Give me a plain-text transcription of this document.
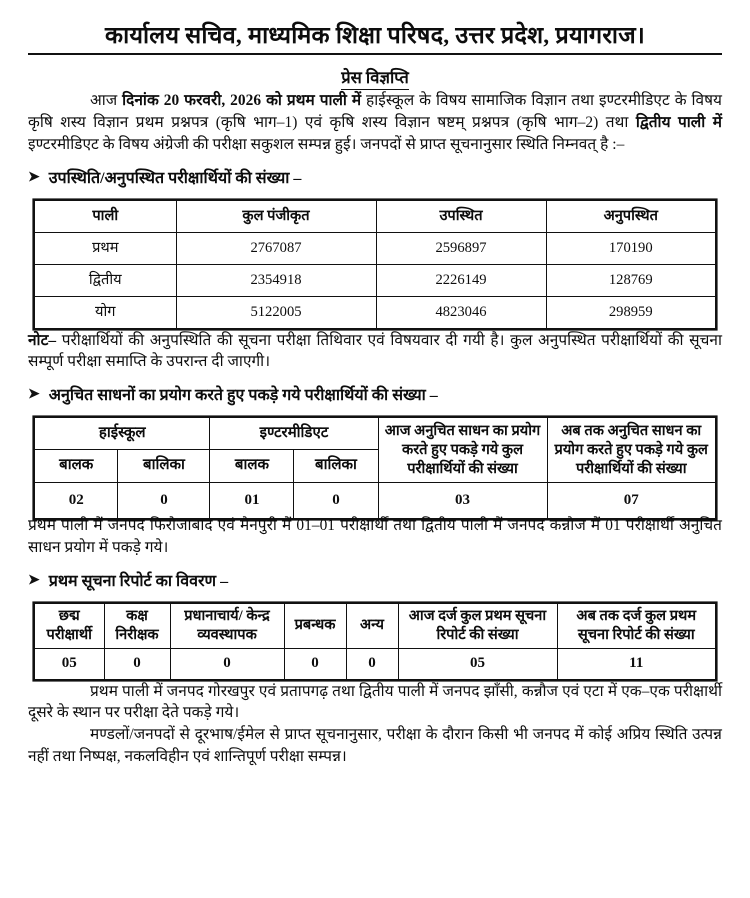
कार्यालय सचिव, माध्यमिक शिक्षा परिषद, उत्तर प्रदेश, प्रयागराज।
प्रेस विज्ञप्ति

आज दिनांक 20 फरवरी, 2026 को प्रथम पाली में हाईस्कूल के विषय सामाजिक विज्ञान तथा इण्टरमीडिएट के विषय कृषि शस्य विज्ञान प्रथम प्रश्नपत्र (कृषि भाग–1) एवं कृषि शस्य विज्ञान षष्टम् प्रश्नपत्र (कृषि भाग–2) तथा द्वितीय पाली में इण्टरमीडिएट के विषय अंग्रेजी की परीक्षा सकुशल सम्पन्न हुई। जनपदों से प्राप्त सूचनानुसार स्थिति निम्नवत् है :–

➤ उपस्थिति/अनुपस्थित परीक्षार्थियों की संख्या –
पाली	कुल पंजीकृत	उपस्थित	अनुपस्थित
प्रथम	2767087	2596897	170190
द्वितीय	2354918	2226149	128769
योग	5122005	4823046	298959

नोट– परीक्षार्थियों की अनुपस्थिति की सूचना परीक्षा तिथिवार एवं विषयवार दी गयी है। कुल अनुपस्थित परीक्षार्थियों की सूचना सम्पूर्ण परीक्षा समाप्ति के उपरान्त दी जाएगी।

➤ अनुचित साधनों का प्रयोग करते हुए पकड़े गये परीक्षार्थियों की संख्या –
हाईस्कूल		इण्टरमीडिएट		आज अनुचित साधन का प्रयोग करते हुए पकड़े गये कुल परीक्षार्थियों की संख्या	अब तक अनुचित साधन का प्रयोग करते हुए पकड़े गये कुल परीक्षार्थियों की संख्या
बालक	बालिका	बालक	बालिका		
02	0	01	0	03	07

प्रथम पाली में जनपद फिरोजाबाद एवं मैनपुरी में 01–01 परीक्षार्थी तथा द्वितीय पाली में जनपद कन्नौज में 01 परीक्षार्थी अनुचित साधन प्रयोग में पकड़े गये।

➤ प्रथम सूचना रिपोर्ट का विवरण –
छद्म परीक्षार्थी	कक्ष निरीक्षक	प्रधानाचार्य/ केन्द्र व्यवस्थापक	प्रबन्धक	अन्य	आज दर्ज कुल प्रथम सूचना रिपोर्ट की संख्या	अब तक दर्ज कुल प्रथम सूचना रिपोर्ट की संख्या
05	0	0	0	0	05	11

प्रथम पाली में जनपद गोरखपुर एवं प्रतापगढ़ तथा द्वितीय पाली में जनपद झॉंसी, कन्नौज एवं एटा में एक–एक परीक्षार्थी दूसरे के स्थान पर परीक्षा देते पकड़े गये।

मण्डलों/जनपदों से दूरभाष/ईमेल से प्राप्त सूचनानुसार, परीक्षा के दौरान किसी भी जनपद में कोई अप्रिय स्थिति उत्पन्न नहीं तथा निष्पक्ष, नकलविहीन एवं शान्तिपूर्ण परीक्षा सम्पन्न।
